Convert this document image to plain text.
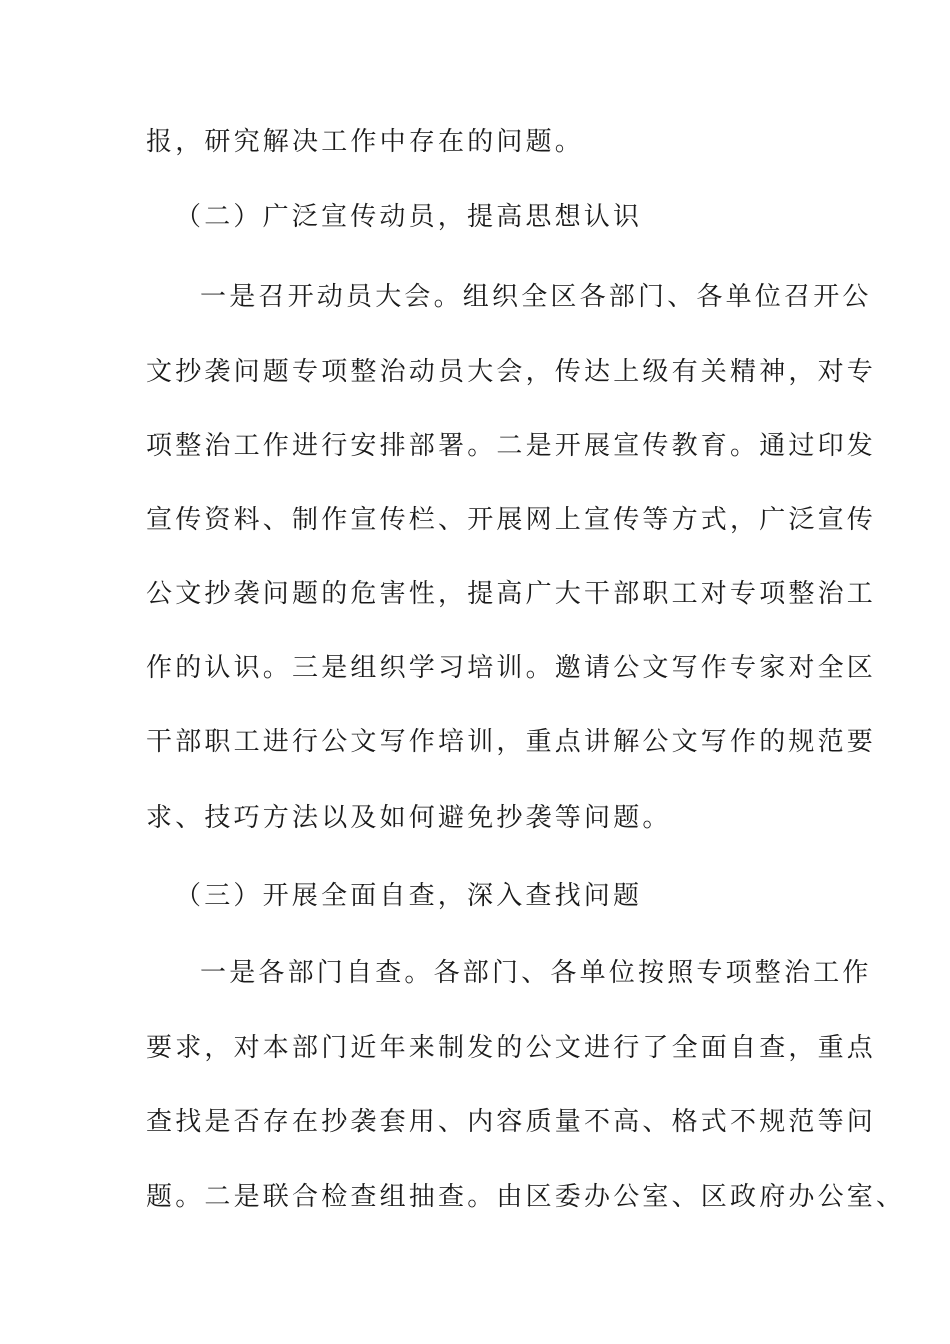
报，研究解决工作中存在的问题。
（二）广泛宣传动员，提高思想认识
一是召开动员大会。组织全区各部门、各单位召开公
文抄袭问题专项整治动员大会，传达上级有关精神，对专
项整治工作进行安排部署。二是开展宣传教育。通过印发
宣传资料、制作宣传栏、开展网上宣传等方式，广泛宣传
公文抄袭问题的危害性，提高广大干部职工对专项整治工
作的认识。三是组织学习培训。邀请公文写作专家对全区
干部职工进行公文写作培训，重点讲解公文写作的规范要
求、技巧方法以及如何避免抄袭等问题。
（三）开展全面自查，深入查找问题
一是各部门自查。各部门、各单位按照专项整治工作
要求，对本部门近年来制发的公文进行了全面自查，重点
查找是否存在抄袭套用、内容质量不高、格式不规范等问
题。二是联合检查组抽查。由区委办公室、区政府办公室、
